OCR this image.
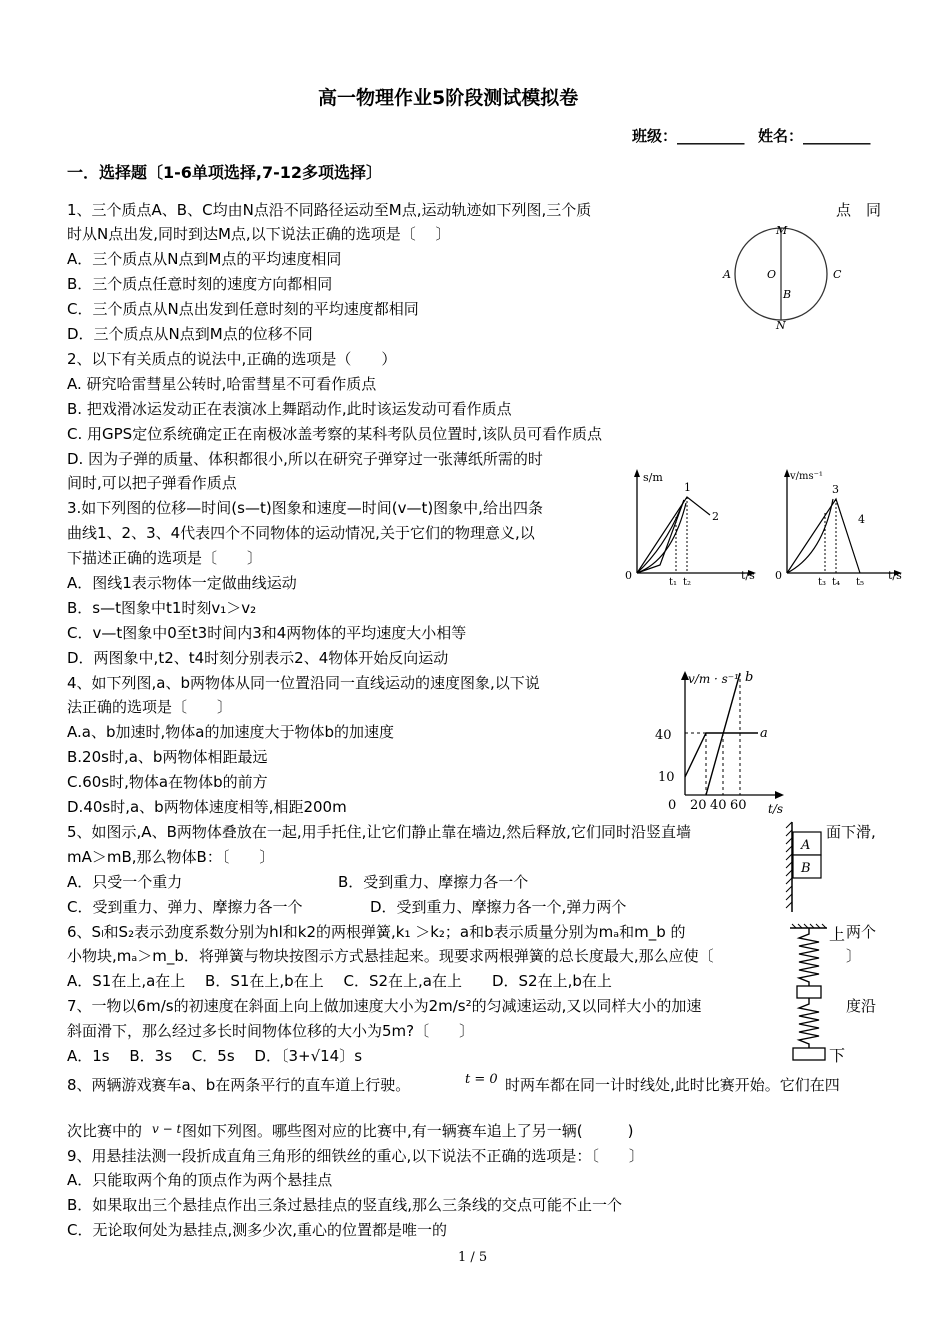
高一物理作业5阶段测试模拟卷
班级：_________ 姓名：_________
一．选择题〔1-6单项选择,7-12多项选择〕
1、三个质点A、B、C均由N点沿不同路径运动至M点,运动轨迹如下列图,三个质	点　同
时从N点出发,同时到达M点,以下说法正确的选项是〔　 〕
A．三个质点从N点到M点的平均速度相同
B．三个质点任意时刻的速度方向都相同
C．三个质点从N点出发到任意时刻的平均速度都相同
D．三个质点从N点到M点的位移不同
M
N
A	O
B
C
2、以下有关质点的说法中,正确的选项是（　　）
A. 研究哈雷彗星公转时,哈雷彗星不可看作质点
B. 把戏滑冰运发动正在表演冰上舞蹈动作,此时该运发动可看作质点
C. 用GPS定位系统确定正在南极冰盖考察的某科考队员位置时,该队员可看作质点
D. 因为子弹的质量、体积都很小,所以在研究子弹穿过一张薄纸所需的时
间时,可以把子弹看作质点
3.如下列图的位移—时间(s—t)图象和速度—时间(v—t)图象中,给出四条
曲线1、2、3、4代表四个不同物体的运动情况,关于它们的物理意义,以
下描述正确的选项是〔　　〕
A．图线1表示物体一定做曲线运动
B．s—t图象中t1时刻v₁＞v₂
C．v—t图象中0至t3时间内3和4两物体的平均速度大小相等
D．两图象中,t2、t4时刻分别表示2、4物体开始反向运动
s/m
0	t/s
t₁ t₂
1
2
v/ms⁻¹
0	t/s
t₃ t₄ t₅
3
4
4、如下列图,a、b两物体从同一位置沿同一直线运动的速度图象,以下说
法正确的选项是〔　　〕
A.a、b加速时,物体a的加速度大于物体b的加速度
B.20s时,a、b两物体相距最远
C.60s时,物体a在物体b的前方
D.40s时,a、b两物体速度相等,相距200m
v/m · s⁻¹ b
a
40
10
0 20 40 60 t/s
5、如图示,A、B两物体叠放在一起,用手托住,让它们静止靠在墙边,然后释放,它们同时沿竖直墙	面下滑,
mA＞mB,那么物体B：〔　　〕
A．只受一个重力	B．受到重力、摩擦力各一个
C．受到重力、弹力、摩擦力各一个	D．受到重力、摩擦力各一个,弹力两个
A
B
6、Sₗ和S₂表示劲度系数分别为hl和k2的两根弹簧,k₁ ＞k₂；a和b表示质量分别为mₐ和m_b 的	两个
小物块,mₐ＞m_b．将弹簧与物块按图示方式悬挂起来。现要求两根弹簧的总长度最大,那么应使〔	〕
A．S1在上,a在上　 B．S1在上,b在上　 C．S2在上,a在上　　D．S2在上,b在上
上
下
7、一物以6m/s的初速度在斜面上向上做加速度大小为2m/s²的匀减速运动,又以同样大小的加速	度沿
斜面滑下，那么经过多长时间物体位移的大小为5m?〔　　〕
A．1s　 B．3s　 C．5s　 D．〔3+√14〕s
8、两辆游戏赛车a、b在两条平行的直车道上行驶。	t = 0 时两车都在同一计时线处,此时比赛开始。它们在四
次比赛中的 v − t 图如下列图。哪些图对应的比赛中,有一辆赛车追上了另一辆(　　　)
9、用悬挂法测一段折成直角三角形的细铁丝的重心,以下说法不正确的选项是：〔　　〕
A．只能取两个角的顶点作为两个悬挂点
B．如果取出三个悬挂点作出三条过悬挂点的竖直线,那么三条线的交点可能不止一个
C．无论取何处为悬挂点,测多少次,重心的位置都是唯一的
1 / 5
